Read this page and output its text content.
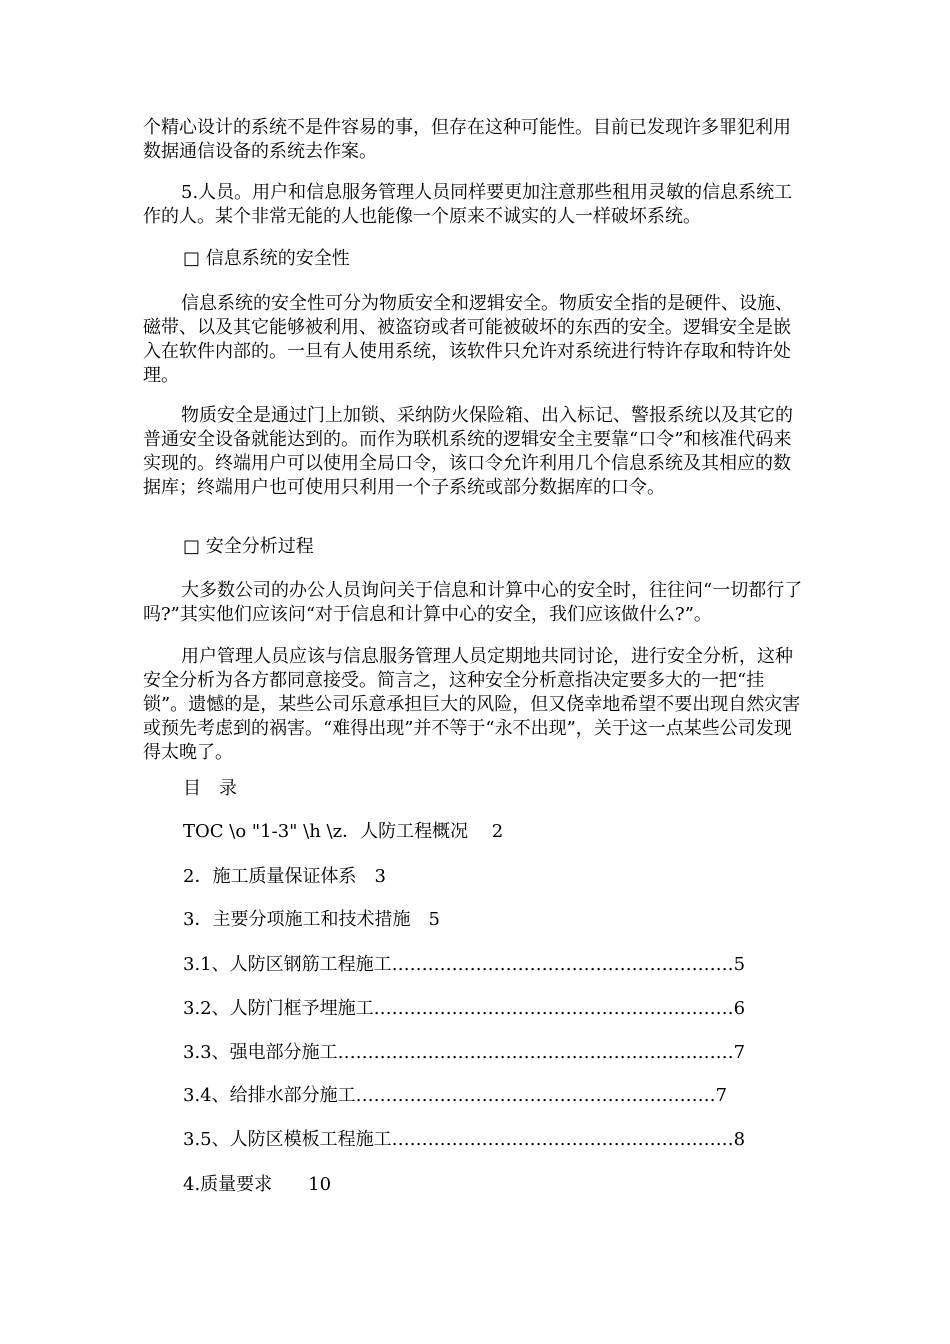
个精心设计的系统不是件容易的事，但存在这种可能性。目前已发现许多罪犯利用数据通信设备的系统去作案。

5.人员。用户和信息服务管理人员同样要更加注意那些租用灵敏的信息系统工作的人。某个非常无能的人也能像一个原来不诚实的人一样破坏系统。

□ 信息系统的安全性

信息系统的安全性可分为物质安全和逻辑安全。物质安全指的是硬件、设施、磁带、以及其它能够被利用、被盗窃或者可能被破坏的东西的安全。逻辑安全是嵌入在软件内部的。一旦有人使用系统，该软件只允许对系统进行特许存取和特许处理。

物质安全是通过门上加锁、采纳防火保险箱、出入标记、警报系统以及其它的普通安全设备就能达到的。而作为联机系统的逻辑安全主要靠“口令”和核准代码来实现的。终端用户可以使用全局口令，该口令允许利用几个信息系统及其相应的数据库；终端用户也可使用只利用一个子系统或部分数据库的口令。

□ 安全分析过程

大多数公司的办公人员询问关于信息和计算中心的安全时，往往问“一切都行了吗?”其实他们应该问“对于信息和计算中心的安全，我们应该做什么?”。

用户管理人员应该与信息服务管理人员定期地共同讨论，进行安全分析，这种安全分析为各方都同意接受。简言之，这种安全分析意指决定要多大的一把“挂锁”。遗憾的是，某些公司乐意承担巨大的风险，但又侥幸地希望不要出现自然灾害或预先考虑到的祸害。“难得出现”并不等于“永不出现”，关于这一点某些公司发现得太晚了。

目　录

TOC \o "1-3" \h \z．人防工程概况　 2

2．施工质量保证体系　3

3．主要分项施工和技术措施　5

3.1、人防区钢筋工程施工…………………………………………………5

3.2、人防门框予埋施工……………………………………………………6

3.3、强电部分施工…………………………………………………………7

3.4、给排水部分施工……………………………………………………7

3.5、人防区模板工程施工…………………………………………………8

4.质量要求　　10
